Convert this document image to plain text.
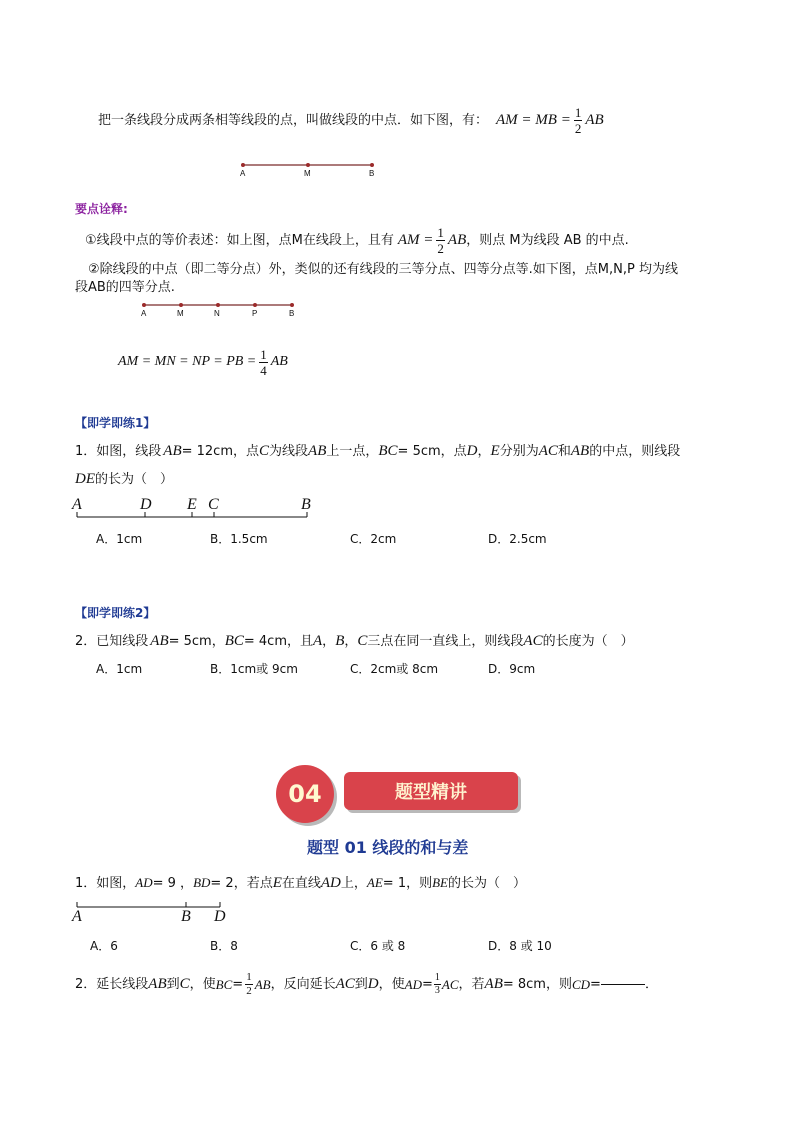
把一条线段分成两条相等线段的点，叫做线段的中点．如下图，有： AM = MB = $\frac{1}{2}$ AB
A	M	B
要点诠释:
①线段中点的等价表述：如上图，点M在线段上，且有 AM = $\frac{1}{2}$ AB ，则点 M为线段 AB 的中点.
②除线段的中点（即二等分点）外，类似的还有线段的三等分点、四等分点等.如下图，点M,N,P 均为线
段AB的四等分点.
A	M	N	P	B
AM = MN = NP = PB = $\frac{1}{4}$ AB
【即学即练1】
1．如图，线段 AB= 12cm，点C为线段AB上一点，BC= 5cm，点D，E分别为AC和AB的中点，则线段
DE的长为（　）
A	D E C	B
A．1cm	B．1.5cm	C．2cm	D．2.5cm
【即学即练2】
2．已知线段 AB= 5cm，BC= 4cm，且A，B，C三点在同一直线上，则线段AC的长度为（　）
A．1cm	B．1cm或 9cm	C．2cm或 8cm	D．9cm
04	题型精讲
题型 01 线段的和与差
1．如图，AD= 9 ，BD= 2，若点E在直线AD上，AE= 1，则BE的长为（　）
A	B D
A．6	B．8	C．6 或 8	D．8 或 10
2．延长线段 AB 到 C ，使 BC = $\frac{1}{2}$ AB ，反向延长 AC 到 D ，使 AD = $\frac{1}{3}$ AC ，若 AB = 8cm，则 CD =	．
